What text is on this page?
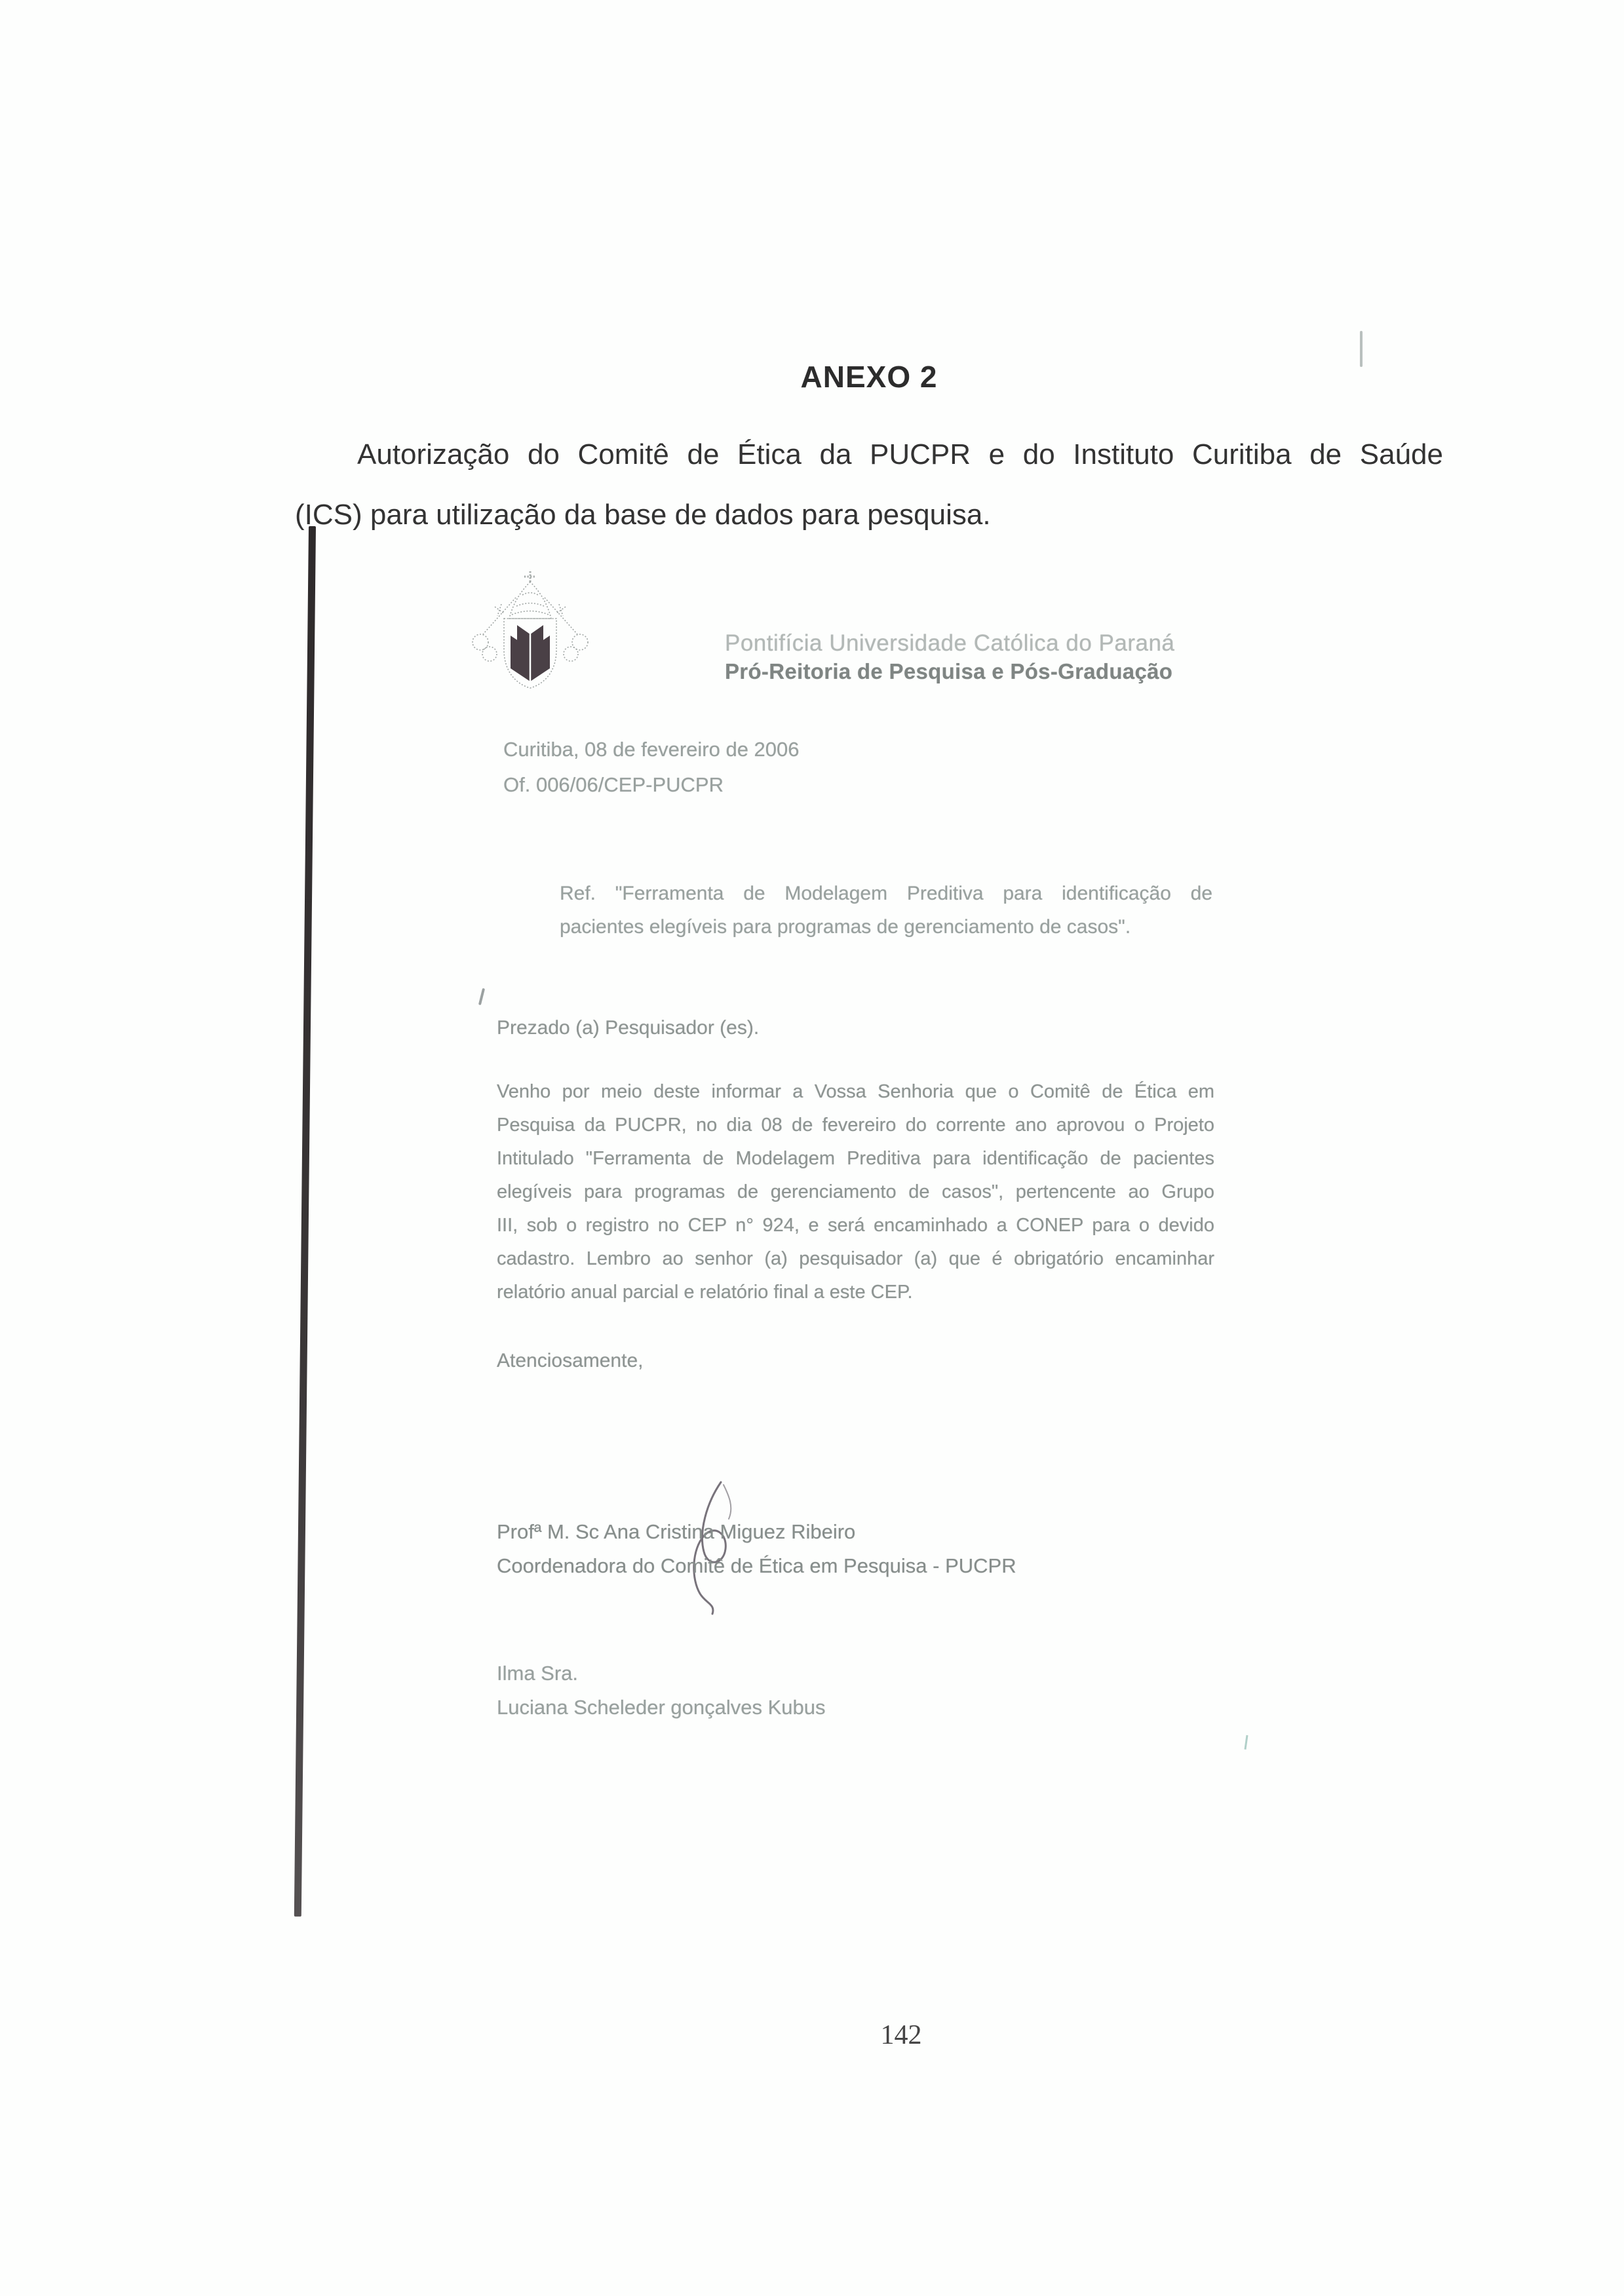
ANEXO 2
Autorização do Comitê de Ética da PUCPR e do Instituto Curitiba de Saúde
(ICS) para utilização da base de dados para pesquisa.
Pontifícia Universidade Católica do Paraná
Pró-Reitoria de Pesquisa e Pós-Graduação
Curitiba, 08 de fevereiro de 2006
Of. 006/06/CEP-PUCPR
Ref. "Ferramenta de Modelagem Preditiva para identificação de
pacientes elegíveis para programas de gerenciamento de casos".
Prezado (a) Pesquisador (es).
Venho por meio deste informar a Vossa Senhoria que o Comitê de Ética em
Pesquisa da PUCPR, no dia 08 de fevereiro do corrente ano aprovou o Projeto
Intitulado "Ferramenta de Modelagem Preditiva para identificação de pacientes
elegíveis para programas de gerenciamento de casos", pertencente ao Grupo
III, sob o registro no CEP n° 924, e será encaminhado a CONEP para o devido
cadastro. Lembro ao senhor (a) pesquisador (a) que é obrigatório encaminhar
relatório anual parcial e relatório final a este CEP.
Atenciosamente,
Profª M. Sc Ana Cristina Miguez Ribeiro
Coordenadora do Comitê de Ética em Pesquisa - PUCPR
Ilma Sra.
Luciana Scheleder gonçalves Kubus
142
